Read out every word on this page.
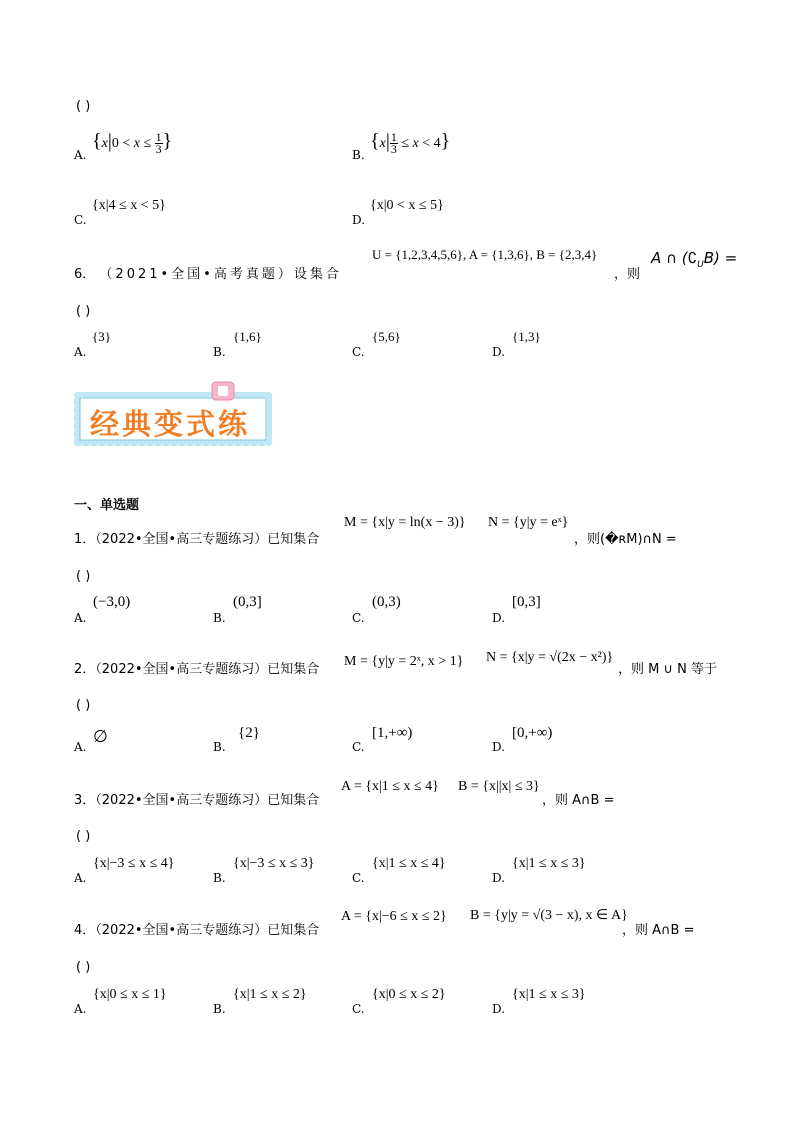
( )
A.
{$x|0 < x \le \frac{1}{3}$ }
B.
$\{x| \frac{1}{3} \le x < 4\}$
C.
{x|4 ≤ x < 5}
D.
{x|0 < x ≤ 5}
6． （2021•全国•高考真题）设集合
U = {1,2,3,4,5,6}, A = {1,3,6}, B = {2,3,4}
，则
A ∩ $(∁_UB)$ =
( )
A.
{3}
B.
{1,6}
C.
{5,6}
D.
{1,3}
经典变式练
一、单选题
1．（2022•全国•高三专题练习）已知集合
M = {x|y = ln(x − 3)} N = {y|y = eˣ}
，则(�ʀM)∩N =
( )
A.
(−3,0)
B.
(0,3]
C.
(0,3)
D.
[0,3]
2．（2022•全国•高三专题练习）已知集合
M = {y|y = 2ˣ, x > 1} N = {x|y = √(2x − x²)}
，则 M ∪ N 等于
( )
A.
∅
B.
{2}
C.
[1,+∞)
D.
[0,+∞)
3．（2022•全国•高三专题练习）已知集合
A = {x|1 ≤ x ≤ 4} B = {x||x| ≤ 3}
，则 A∩B =
( )
A.
{x|−3 ≤ x ≤ 4}
B.
{x|−3 ≤ x ≤ 3}
C.
{x|1 ≤ x ≤ 4}
D.
{x|1 ≤ x ≤ 3}
4．（2022•全国•高三专题练习）已知集合
A = {x|−6 ≤ x ≤ 2} B = {y|y = √(3 − x), x ∈ A}
，则 A∩B =
( )
A.
{x|0 ≤ x ≤ 1}
B.
{x|1 ≤ x ≤ 2}
C.
{x|0 ≤ x ≤ 2}
D.
{x|1 ≤ x ≤ 3}
